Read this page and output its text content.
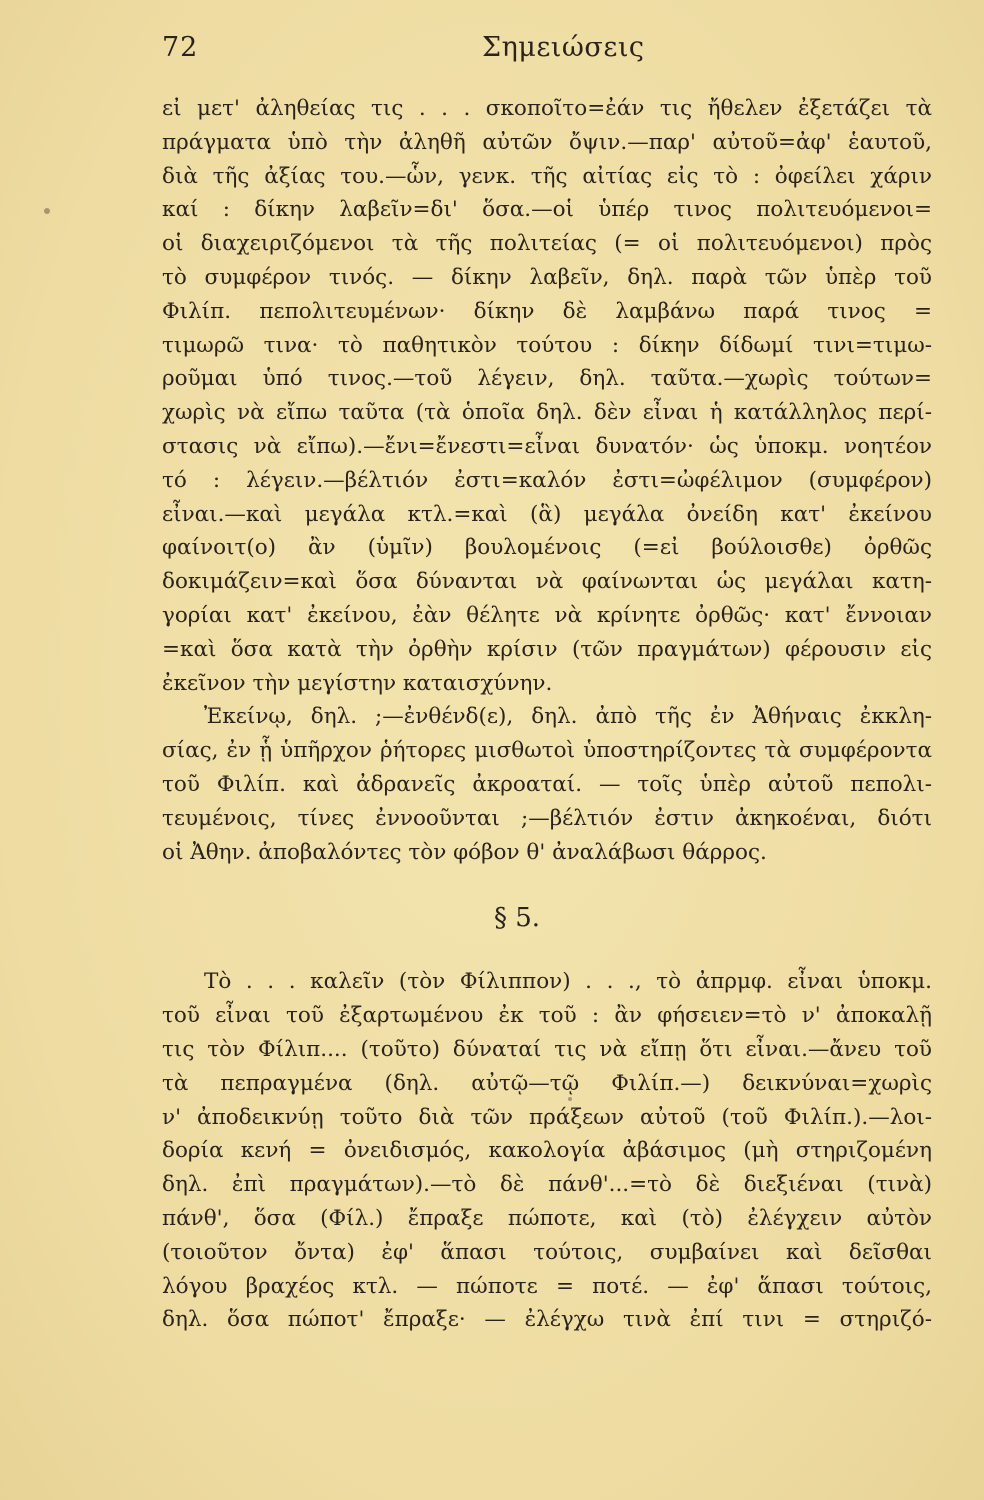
72	Σημειώσεις
εἰ μετ' ἀληθείας τις . . . σκοποῖτο=ἐάν τις ἤθελεν ἐξετάζει τὰ
πράγματα ὑπὸ τὴν ἀληθῆ αὐτῶν ὄψιν.—παρ' αὐτοῦ=ἀφ' ἑαυτοῦ,
διὰ τῆς ἀξίας του.—ὧν, γενκ. τῆς αἰτίας εἰς τὸ : ὀφείλει χάριν
καί : δίκην λαβεῖν=δι' ὅσα.—οἱ ὑπέρ τινος πολιτευόμενοι=
οἱ διαχειριζόμενοι τὰ τῆς πολιτείας (= οἱ πολιτευόμενοι) πρὸς
τὸ συμφέρον τινός. — δίκην λαβεῖν, δηλ. παρὰ τῶν ὑπὲρ τοῦ
Φιλίπ. πεπολιτευμένων· δίκην δὲ λαμβάνω παρά τινος =
τιμωρῶ τινα· τὸ παθητικὸν τούτου : δίκην δίδωμί τινι=τιμω-
ροῦμαι ὑπό τινος.—τοῦ λέγειν, δηλ. ταῦτα.—χωρὶς τούτων=
χωρὶς νὰ εἴπω ταῦτα (τὰ ὁποῖα δηλ. δὲν εἶναι ἡ κατάλληλος περί-
στασις νὰ εἴπω).—ἔνι=ἔνεστι=εἶναι δυνατόν· ὡς ὑποκμ. νοητέον
τό : λέγειν.—βέλτιόν ἐστι=καλόν ἐστι=ὠφέλιμον (συμφέρον)
εἶναι.—καὶ μεγάλα κτλ.=καὶ (ἃ) μεγάλα ὀνείδη κατ' ἐκείνου
φαίνοιτ(ο) ἂν (ὑμῖν) βουλομένοις (=εἰ βούλοισθε) ὀρθῶς
δοκιμάζειν=καὶ ὅσα δύνανται νὰ φαίνωνται ὡς μεγάλαι κατη-
γορίαι κατ' ἐκείνου, ἐὰν θέλητε νὰ κρίνητε ὀρθῶς· κατ' ἔννοιαν
=καὶ ὅσα κατὰ τὴν ὀρθὴν κρίσιν (τῶν πραγμάτων) φέρουσιν εἰς
ἐκεῖνον τὴν μεγίστην καταισχύνην.
Ἐκείνῳ, δηλ. ;—ἐνθένδ(ε), δηλ. ἀπὸ τῆς ἐν Ἀθήναις ἐκκλη-
σίας, ἐν ᾗ ὑπῆρχον ῥήτορες μισθωτοὶ ὑποστηρίζοντες τὰ συμφέροντα
τοῦ Φιλίπ. καὶ ἀδρανεῖς ἀκροαταί. — τοῖς ὑπὲρ αὐτοῦ πεπολι-
τευμένοις, τίνες ἐννοοῦνται ;—βέλτιόν ἐστιν ἀκηκοέναι, διότι
οἱ Ἀθην. ἀποβαλόντες τὸν φόβον θ' ἀναλάβωσι θάρρος.
§ 5.
Τὸ . . . καλεῖν (τὸν Φίλιππον) . . ., τὸ ἀπρμφ. εἶναι ὑποκμ.
τοῦ εἶναι τοῦ ἐξαρτωμένου ἐκ τοῦ : ἂν φήσειεν=τὸ ν' ἀποκαλῇ
τις τὸν Φίλιπ.... (τοῦτο) δύναταί τις νὰ εἴπῃ ὅτι εἶναι.—ἄνευ τοῦ
τὰ πεπραγμένα (δηλ. αὐτῷ—τῷ Φιλίπ.—) δεικνύναι=χωρὶς
ν' ἀποδεικνύῃ τοῦτο διὰ τῶν πράξεων αὐτοῦ (τοῦ Φιλίπ.).—λοι-
δορία κενή = ὀνειδισμός, κακολογία ἀβάσιμος (μὴ στηριζομένη
δηλ. ἐπὶ πραγμάτων).—τὸ δὲ πάνθ'...=τὸ δὲ διεξιέναι (τινὰ)
πάνθ', ὅσα (Φίλ.) ἔπραξε πώποτε, καὶ (τὸ) ἐλέγχειν αὐτὸν
(τοιοῦτον ὄντα) ἐφ' ἅπασι τούτοις, συμβαίνει καὶ δεῖσθαι
λόγου βραχέος κτλ. — πώποτε = ποτέ. — ἐφ' ἅπασι τούτοις,
δηλ. ὅσα πώποτ' ἔπραξε· — ἐλέγχω τινὰ ἐπί τινι = στηριζό-
